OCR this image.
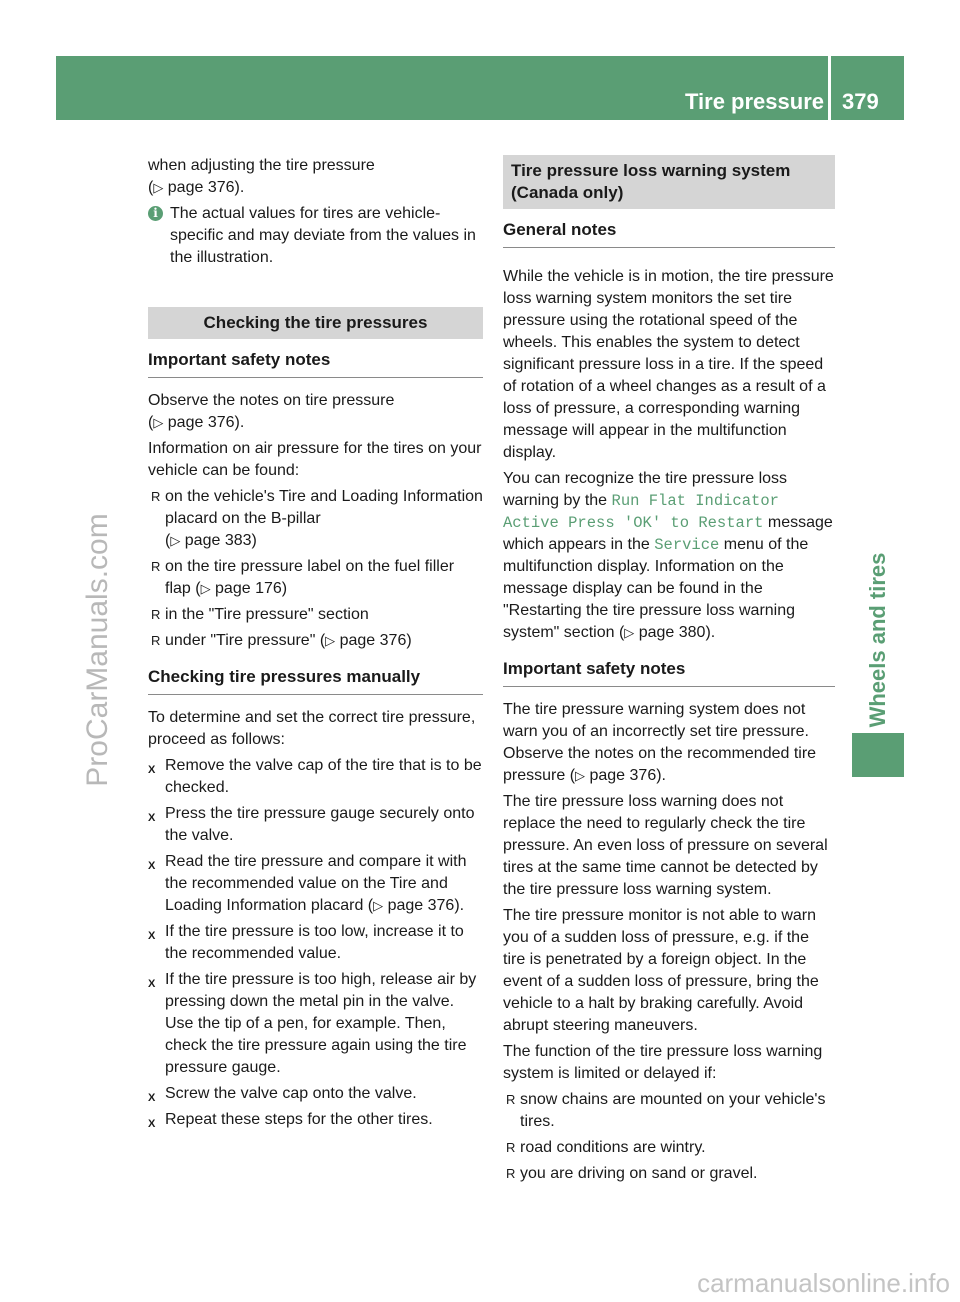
Tire pressure 379
Wheels and tires
ProCarManuals.com
carmanualsonline.info

when adjusting the tire pressure
(▷ page 376).

i The actual values for tires are vehicle-specific and may deviate from the values in the illustration.
Checking the tire pressures
Important safety notes

Observe the notes on tire pressure
(▷ page 376).

Information on air pressure for the tires on your vehicle can be found:

R on the vehicle's Tire and Loading Information placard on the B-pillar
(▷ page 383)
R on the tire pressure label on the fuel filler flap (▷ page 176)
R in the "Tire pressure" section
R under "Tire pressure" (▷ page 376)
Checking tire pressures manually

To determine and set the correct tire pressure, proceed as follows:

X Remove the valve cap of the tire that is to be checked.
X Press the tire pressure gauge securely onto the valve.
X Read the tire pressure and compare it with the recommended value on the Tire and Loading Information placard (▷ page 376).
X If the tire pressure is too low, increase it to the recommended value.
X If the tire pressure is too high, release air by pressing down the metal pin in the valve. Use the tip of a pen, for example. Then, check the tire pressure again using the tire pressure gauge.
X Screw the valve cap onto the valve.
X Repeat these steps for the other tires.
Tire pressure loss warning system
(Canada only)
General notes

While the vehicle is in motion, the tire pressure loss warning system monitors the set tire pressure using the rotational speed of the wheels. This enables the system to detect significant pressure loss in a tire. If the speed of rotation of a wheel changes as a result of a loss of pressure, a corresponding warning message will appear in the multifunction display.

You can recognize the tire pressure loss warning by the Run Flat Indicator Active Press 'OK' to Restart message which appears in the Service menu of the multifunction display. Information on the message display can be found in the "Restarting the tire pressure loss warning system" section (▷ page 380).

Important safety notes

The tire pressure warning system does not warn you of an incorrectly set tire pressure. Observe the notes on the recommended tire pressure (▷ page 376).

The tire pressure loss warning does not replace the need to regularly check the tire pressure. An even loss of pressure on several tires at the same time cannot be detected by the tire pressure loss warning system.

The tire pressure monitor is not able to warn you of a sudden loss of pressure, e.g. if the tire is penetrated by a foreign object. In the event of a sudden loss of pressure, bring the vehicle to a halt by braking carefully. Avoid abrupt steering maneuvers.

The function of the tire pressure loss warning system is limited or delayed if:

R snow chains are mounted on your vehicle's tires.
R road conditions are wintry.
R you are driving on sand or gravel.
